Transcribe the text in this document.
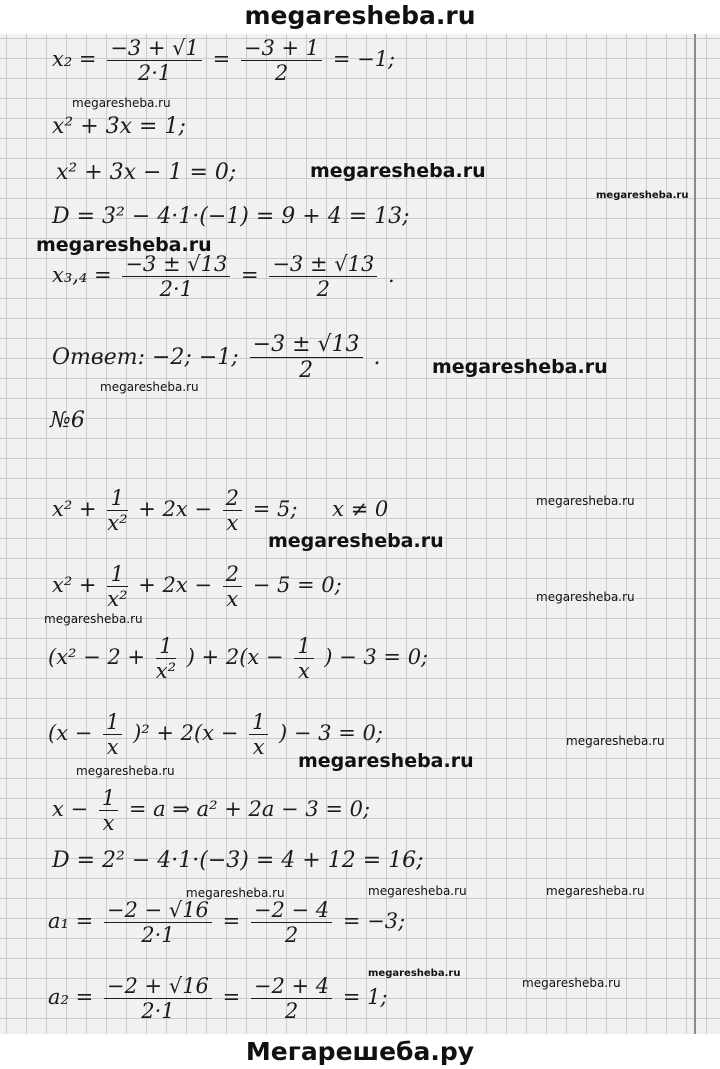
megaresheba.ru
$x_2 = \frac{-3 + √1}{2\cdot 1} = \frac{-3 + 1}{2} = -1$;
x² + 3x = 1;
x² + 3x − 1 = 0;
D = 3² − 4·1·(−1) = 9 + 4 = 13;
$x_3,_4 = \frac{-3 \pm √13}{2\cdot 1} = \frac{-3 \pm √13}{2}$ .
Ответ: −2; −1; $\frac{-3 \pm √13}{2}$ .
№6
$x^2 + \frac{1}{\text{x²}} + 2x - \frac{2}{x} = 5$; x ≠ 0
$x^2 + \frac{1}{\text{x²}} + 2x - \frac{2}{x} - 5 = 0$;
($x^2 - 2 + \frac{1}{\text{x²}}$ ) + $2(x - \frac{1}{x}$ ) − 3 = 0;
$(x - \frac{1}{x} )^2 + 2(x - \frac{1}{x}$ ) − 3 = 0;
$x - \frac{1}{x} = a$ ⇒ a² + 2a − 3 = 0;
D = 2² − 4·1·(−3) = 4 + 12 = 16;
$a_1 = \frac{-2 - √16}{2\cdot 1} = \frac{-2 - 4}{2} = -3$;
$a_2 = \frac{-2 + √16}{2\cdot 1} = \frac{-2 + 4}{2} = 1$;
megaresheba.ru
megaresheba.ru
megaresheba.ru
megaresheba.ru
megaresheba.ru
megaresheba.ru
megaresheba.ru
megaresheba.ru
megaresheba.ru
megaresheba.ru
megaresheba.ru
megaresheba.ru
megaresheba.ru
megaresheba.ru	megaresheba.ru	megaresheba.ru
megaresheba.ru
megaresheba.ru
Мегарешеба.ру
